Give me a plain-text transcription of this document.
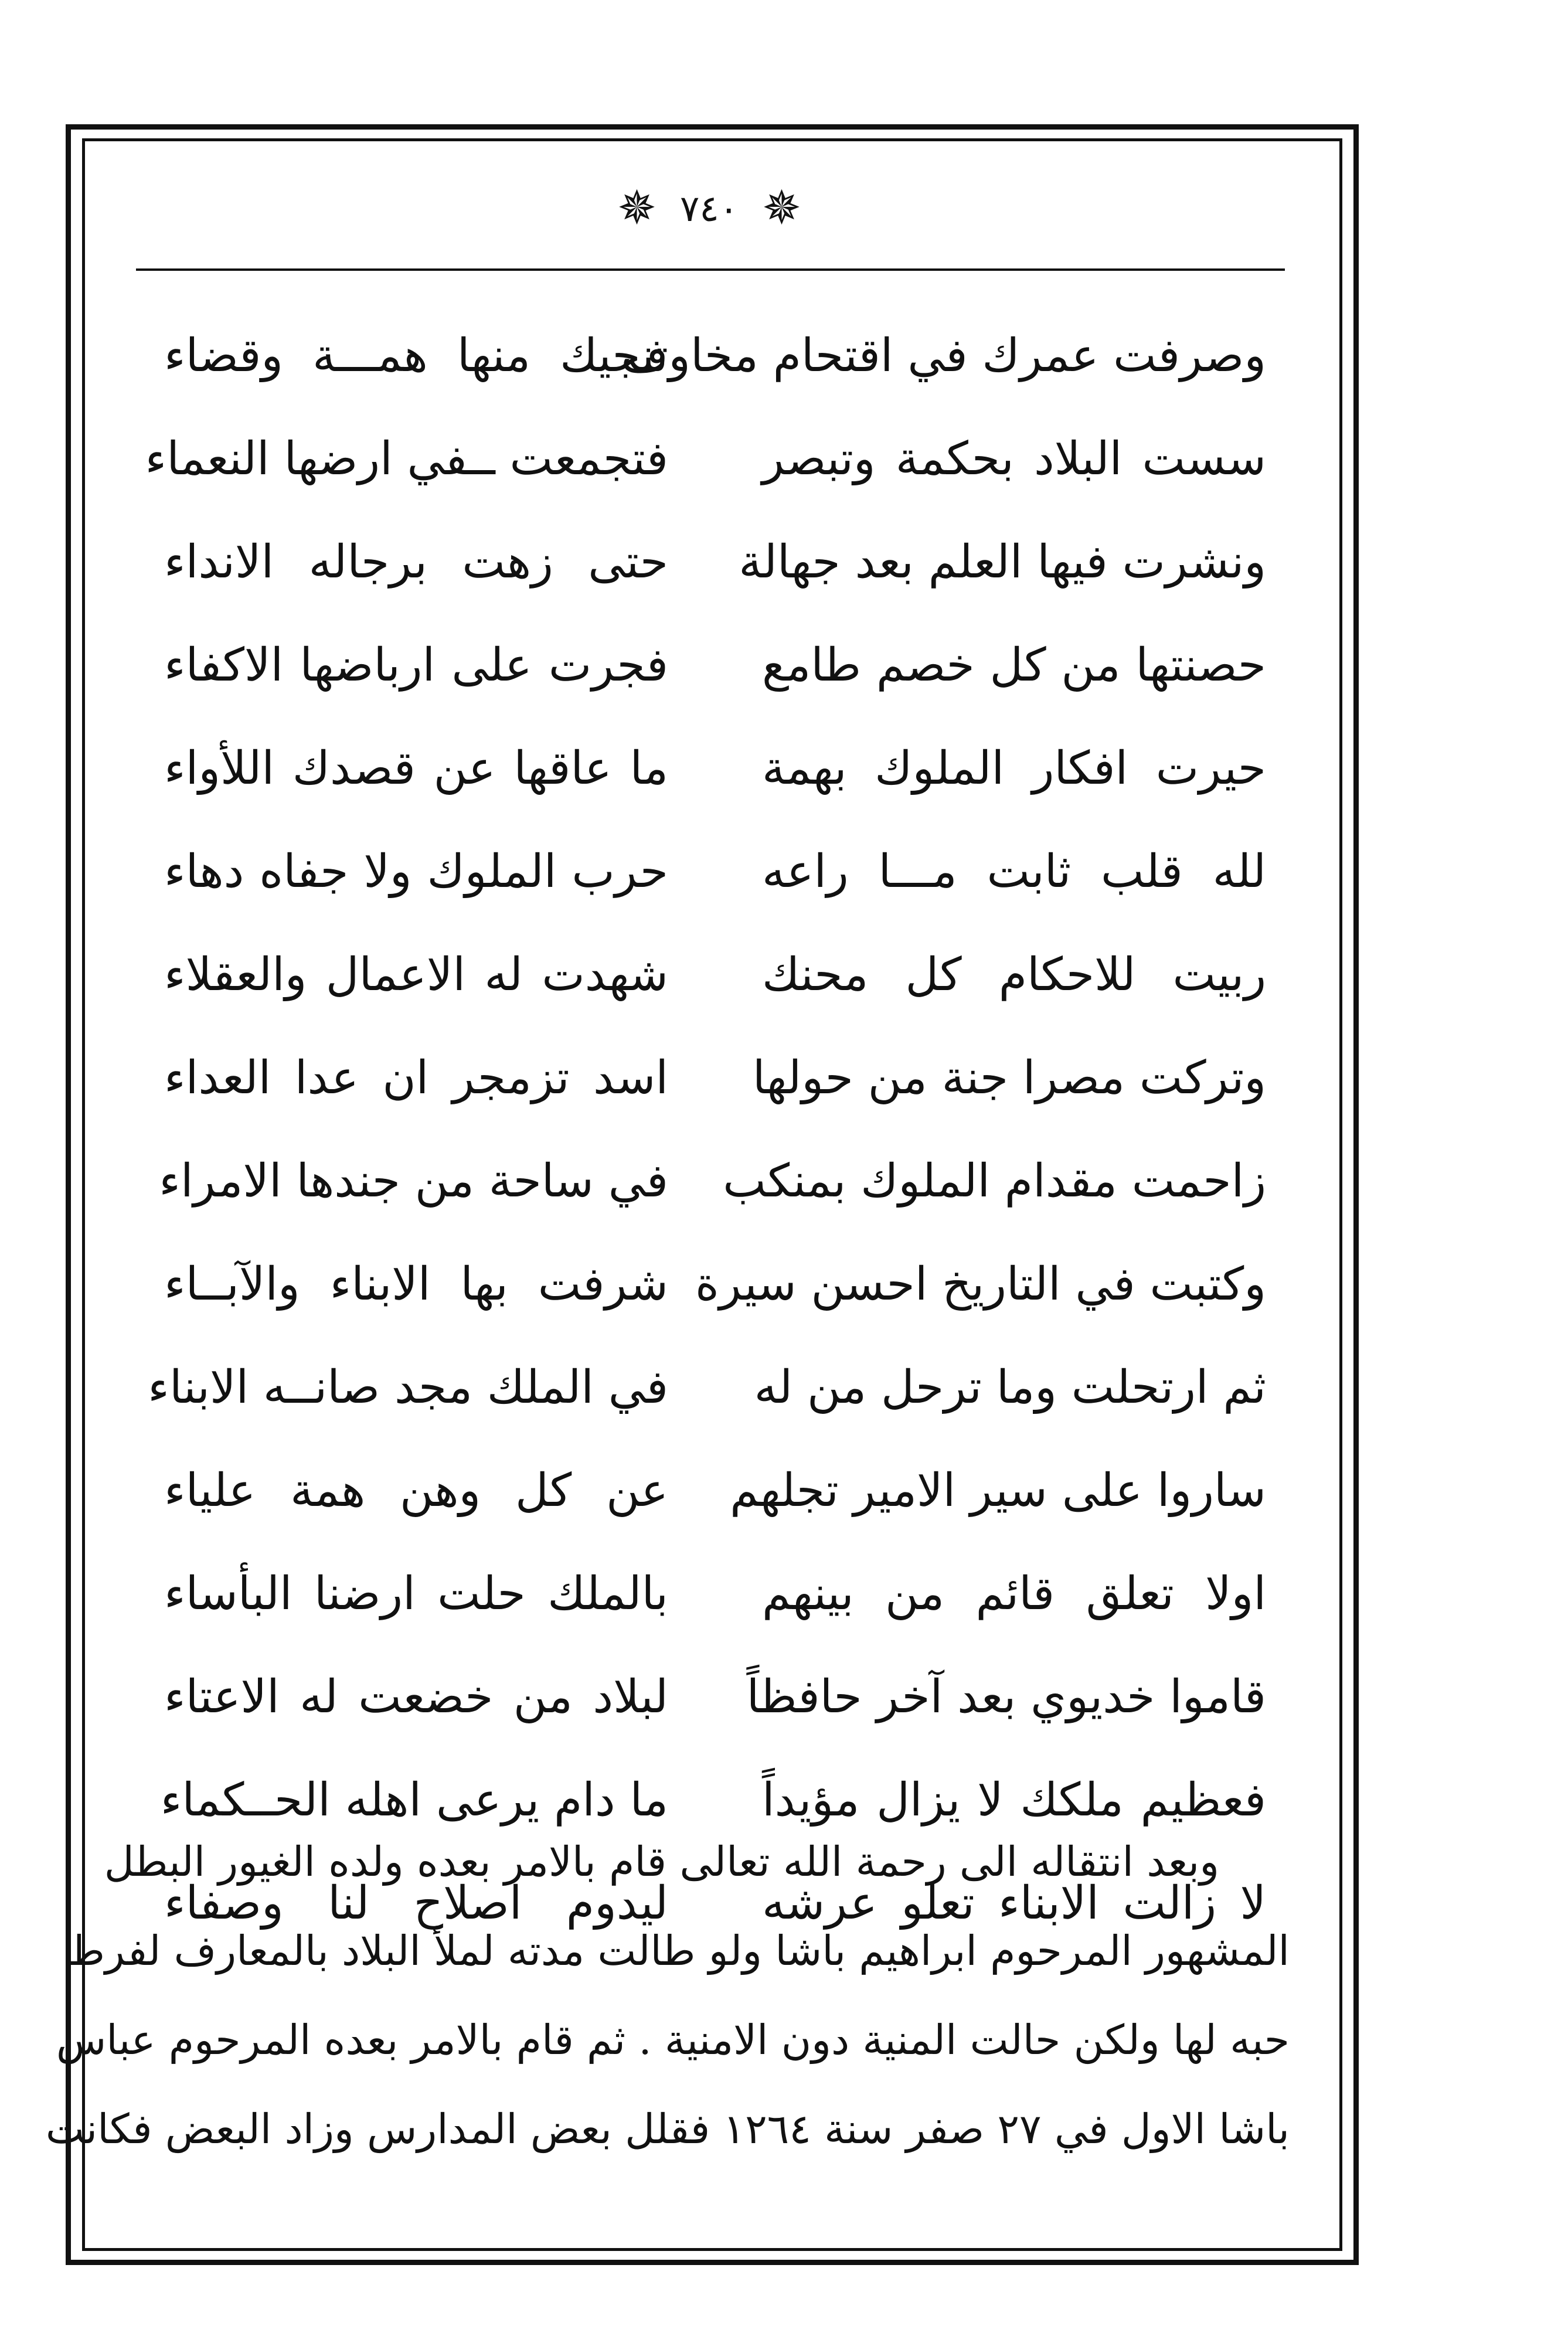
✵
٧٤٠
✵
وصرفت عمرك في اقتحام مخاوف
تنجيك منها همـــة وقضاء
سست البلاد بحكمة وتبصر
فتجمعت ــفي ارضها النعماء
ونشرت فيها العلم بعد جهالة
حتى زهت برجاله الانداء
حصنتها من كل خصم طامع
فجرت على ارباضها الاكفاء
حيرت افكار الملوك بهمة
ما عاقها عن قصدك اللأواء
لله قلب ثابت مـــا راعه
حرب الملوك ولا جفاه دهاء
ربيت للاحكام كل محنك
شهدت له الاعمال والعقلاء
وتركت مصرا جنة من حولها
اسد تزمجر ان عدا العداء
زاحمت مقدام الملوك بمنكب
في ساحة من جندها الامراء
وكتبت في التاريخ احسن سيرة
شرفت بها الابناء والآبــاء
ثم ارتحلت وما ترحل من له
في الملك مجد صانــه الابناء
ساروا على سير الامير تجلهم
عن كل وهن همة علياء
اولا تعلق قائم من بينهم
بالملك حلت ارضنا البأساء
قاموا خديوي بعد آخر حافظاً
لبلاد من خضعت له الاعتاء
فعظيم ملكك لا يزال مؤيداً
ما دام يرعى اهله الحــكماء
لا زالت الابناء تعلو عرشه
ليدوم اصلاح لنا وصفاء
وبعد انتقاله الى رحمة الله تعالى قام بالامر بعده ولده الغيور البطل
المشهور المرحوم ابراهيم باشا ولو طالت مدته لملأ البلاد بالمعارف لفرط
حبه لها ولكن حالت المنية دون الامنية . ثم قام بالامر بعده المرحوم عباس
باشا الاول في ٢٧ صفر سنة ١٢٦٤ فقلل بعض المدارس وزاد البعض فكانت
